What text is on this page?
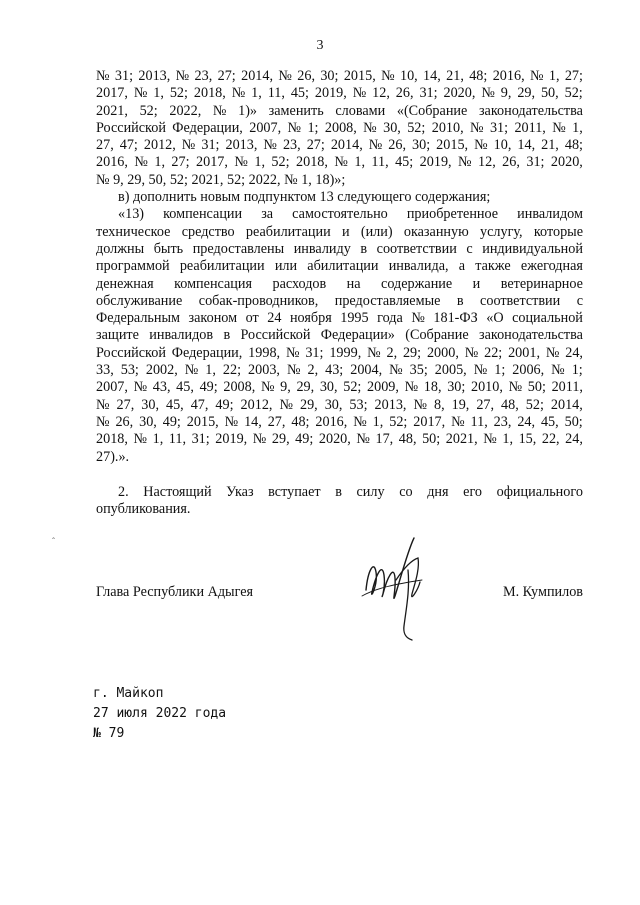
3
№ 31; 2013, № 23, 27; 2014, № 26, 30; 2015, № 10, 14, 21, 48; 2016, № 1, 27;
2017, № 1, 52; 2018, № 1, 11, 45; 2019, № 12, 26, 31; 2020, № 9, 29, 50, 52;
2021, 52; 2022, № 1)» заменить словами «(Собрание законодательства
Российской Федерации, 2007, № 1; 2008, № 30, 52; 2010, № 31; 2011, № 1,
27, 47; 2012, № 31; 2013, № 23, 27; 2014, № 26, 30; 2015, № 10, 14, 21, 48;
2016, № 1, 27; 2017, № 1, 52; 2018, № 1, 11, 45; 2019, № 12, 26, 31; 2020,
№ 9, 29, 50, 52; 2021, 52; 2022, № 1, 18)»;
в) дополнить новым подпунктом 13 следующего содержания;
«13) компенсации за самостоятельно приобретенное инвалидом
техническое средство реабилитации и (или) оказанную услугу, которые
должны быть предоставлены инвалиду в соответствии с индивидуальной
программой реабилитации или абилитации инвалида, а также ежегодная
денежная компенсация расходов на содержание и ветеринарное
обслуживание собак-проводников, предоставляемые в соответствии с
Федеральным законом от 24 ноября 1995 года № 181-ФЗ «О социальной
защите инвалидов в Российской Федерации» (Собрание законодательства
Российской Федерации, 1998, № 31; 1999, № 2, 29; 2000, № 22; 2001, № 24,
33, 53; 2002, № 1, 22; 2003, № 2, 43; 2004, № 35; 2005, № 1; 2006, № 1;
2007, № 43, 45, 49; 2008, № 9, 29, 30, 52; 2009, № 18, 30; 2010, № 50; 2011,
№ 27, 30, 45, 47, 49; 2012, № 29, 30, 53; 2013, № 8, 19, 27, 48, 52; 2014,
№ 26, 30, 49; 2015, № 14, 27, 48; 2016, № 1, 52; 2017, № 11, 23, 24, 45, 50;
2018, № 1, 11, 31; 2019, № 29, 49; 2020, № 17, 48, 50; 2021, № 1, 15, 22, 24,
27).».
2. Настоящий Указ вступает в силу со дня его официального
опубликования.
ˆ
Глава Республики Адыгея	М. Кумпилов
г. Майкоп
27 июля 2022 года
№ 79
